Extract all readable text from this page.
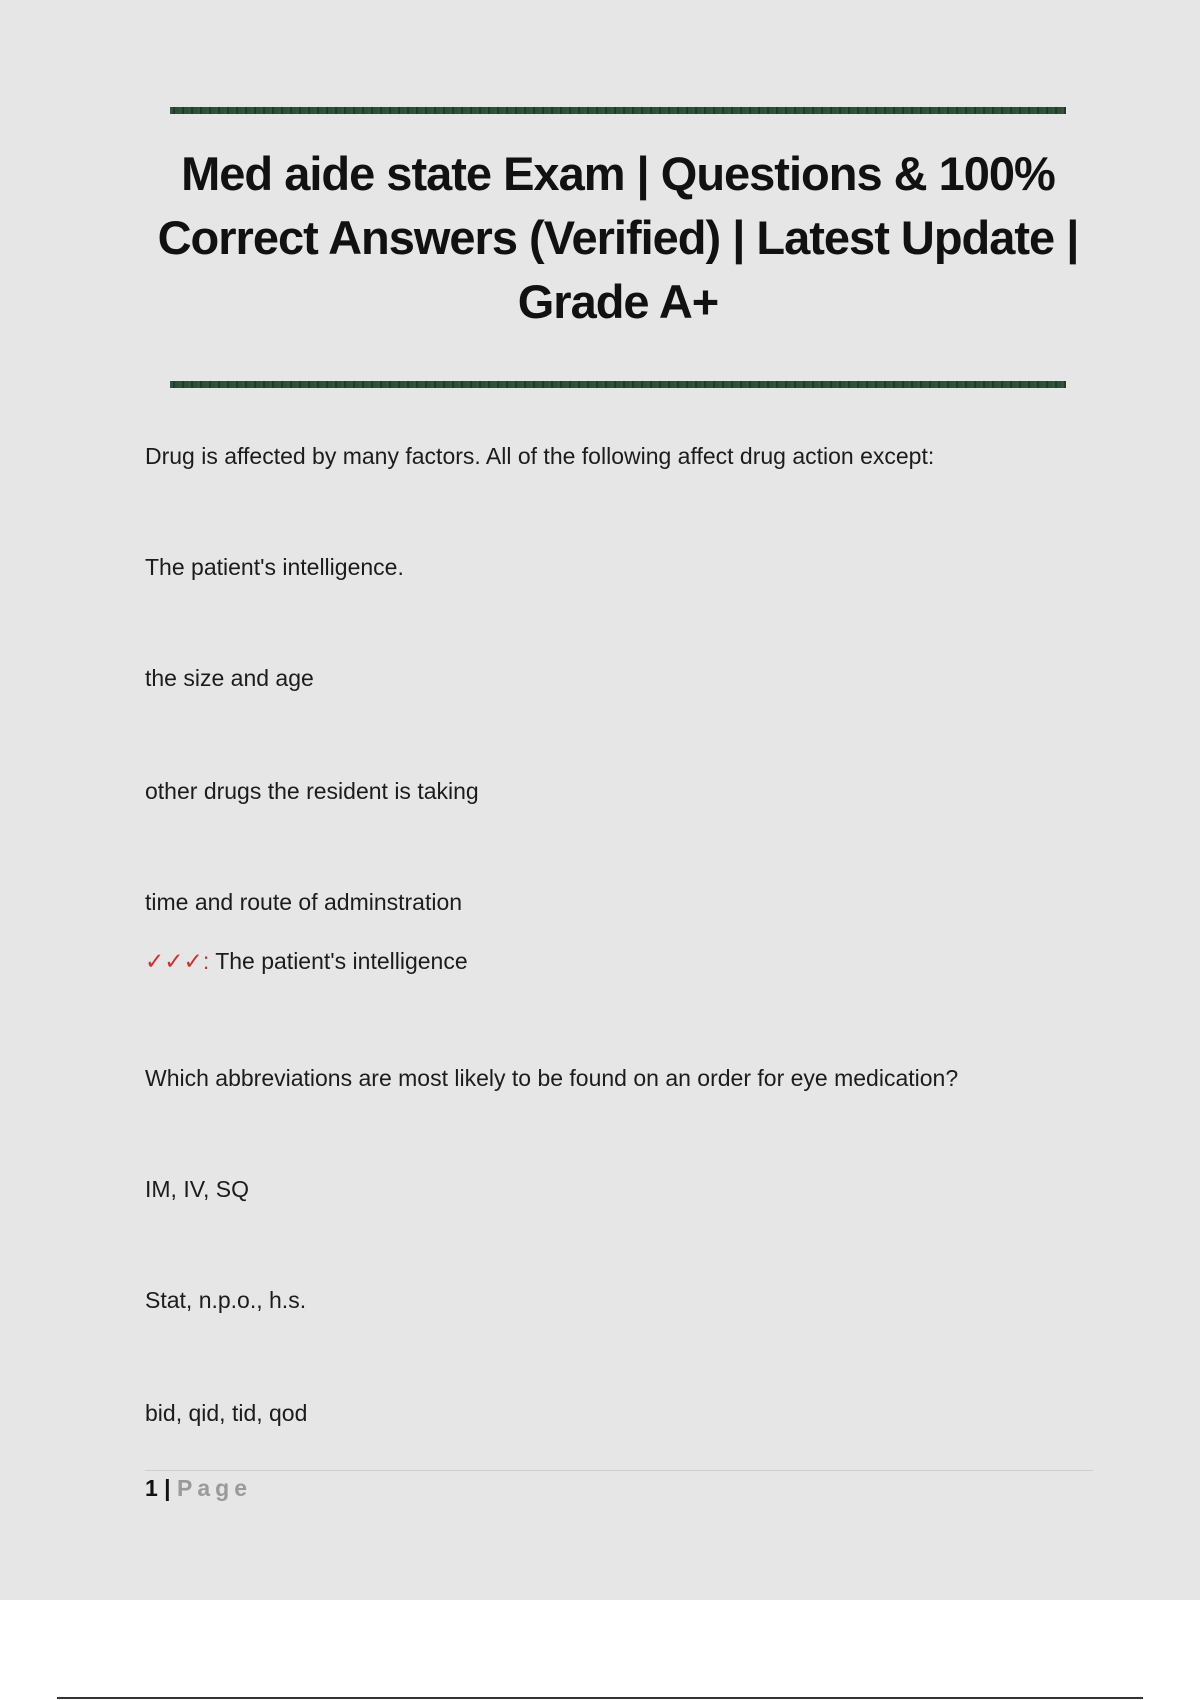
Med aide state Exam | Questions & 100% Correct Answers (Verified) | Latest Update | Grade A+
Drug is affected by many factors. All of the following affect drug action except:
The patient's intelligence.
the size and age
other drugs the resident is taking
time and route of adminstration
✓✓✓: The patient's intelligence
Which abbreviations are most likely to be found on an order for eye medication?
IM, IV, SQ
Stat, n.p.o., h.s.
bid, qid, tid, qod
1 | Page
